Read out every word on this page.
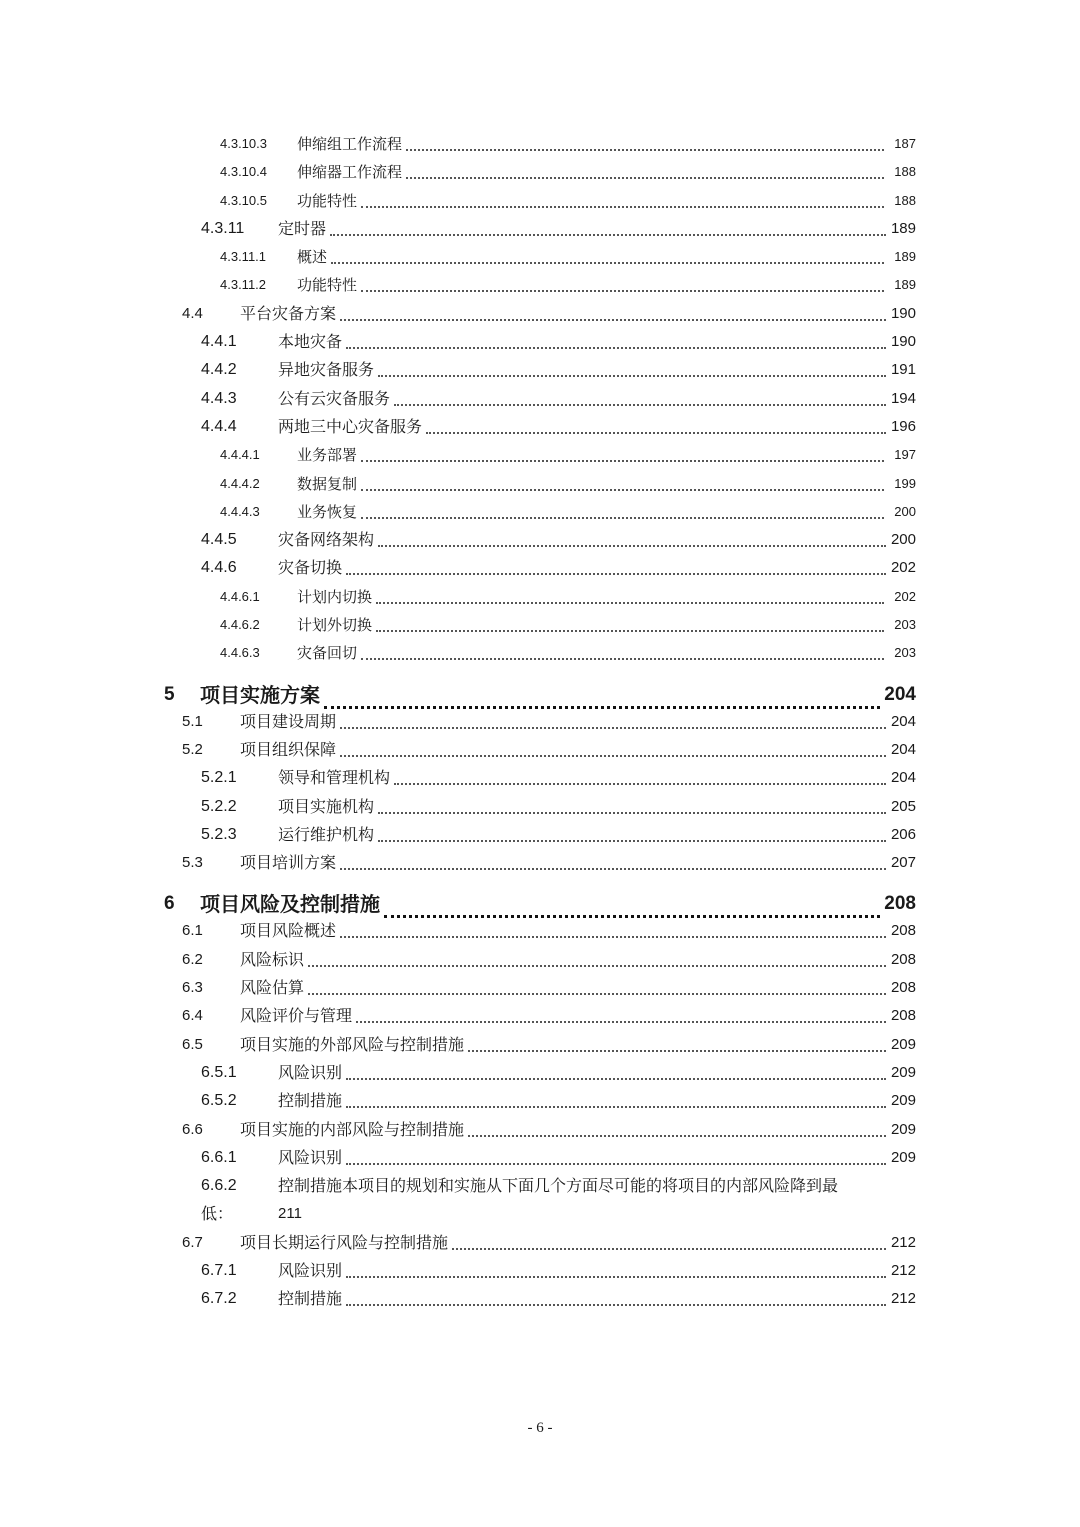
4.3.10.3 伸缩组工作流程	187
4.3.10.4 伸缩器工作流程	188
4.3.10.5 功能特性	188
4.3.11 定时器	189
4.3.11.1 概述	189
4.3.11.2 功能特性	189
4.4 平台灾备方案	190
4.4.1	本地灾备	190
4.4.2	异地灾备服务	191
4.4.3	公有云灾备服务	194
4.4.4	两地三中心灾备服务	196
4.4.4.1 业务部署	197
4.4.4.2 数据复制	199
4.4.4.3 业务恢复	200
4.4.5	灾备网络架构	200
4.4.6	灾备切换	202
4.4.6.1 计划内切换	202
4.4.6.2 计划外切换	203
4.4.6.3 灾备回切	203
5 项目实施方案	204
5.1 项目建设周期	204
5.2 项目组织保障	204
5.2.1	领导和管理机构	204
5.2.2	项目实施机构	205
5.2.3	运行维护机构	206
5.3 项目培训方案	207
6 项目风险及控制措施	208
6.1 项目风险概述	208
6.2 风险标识	208
6.3 风险估算	208
6.4 风险评价与管理	208
6.5 项目实施的外部风险与控制措施	209
6.5.1	风险识别	209
6.5.2	控制措施	209
6.6 项目实施的内部风险与控制措施	209
6.6.1	风险识别	209
6.6.2	控制措施本项目的规划和实施从下面几个方面尽可能的将项目的内部风险降到最
低：	211
6.7 项目长期运行风险与控制措施	212
6.7.1	风险识别	212
6.7.2	控制措施	212
- 6 -
